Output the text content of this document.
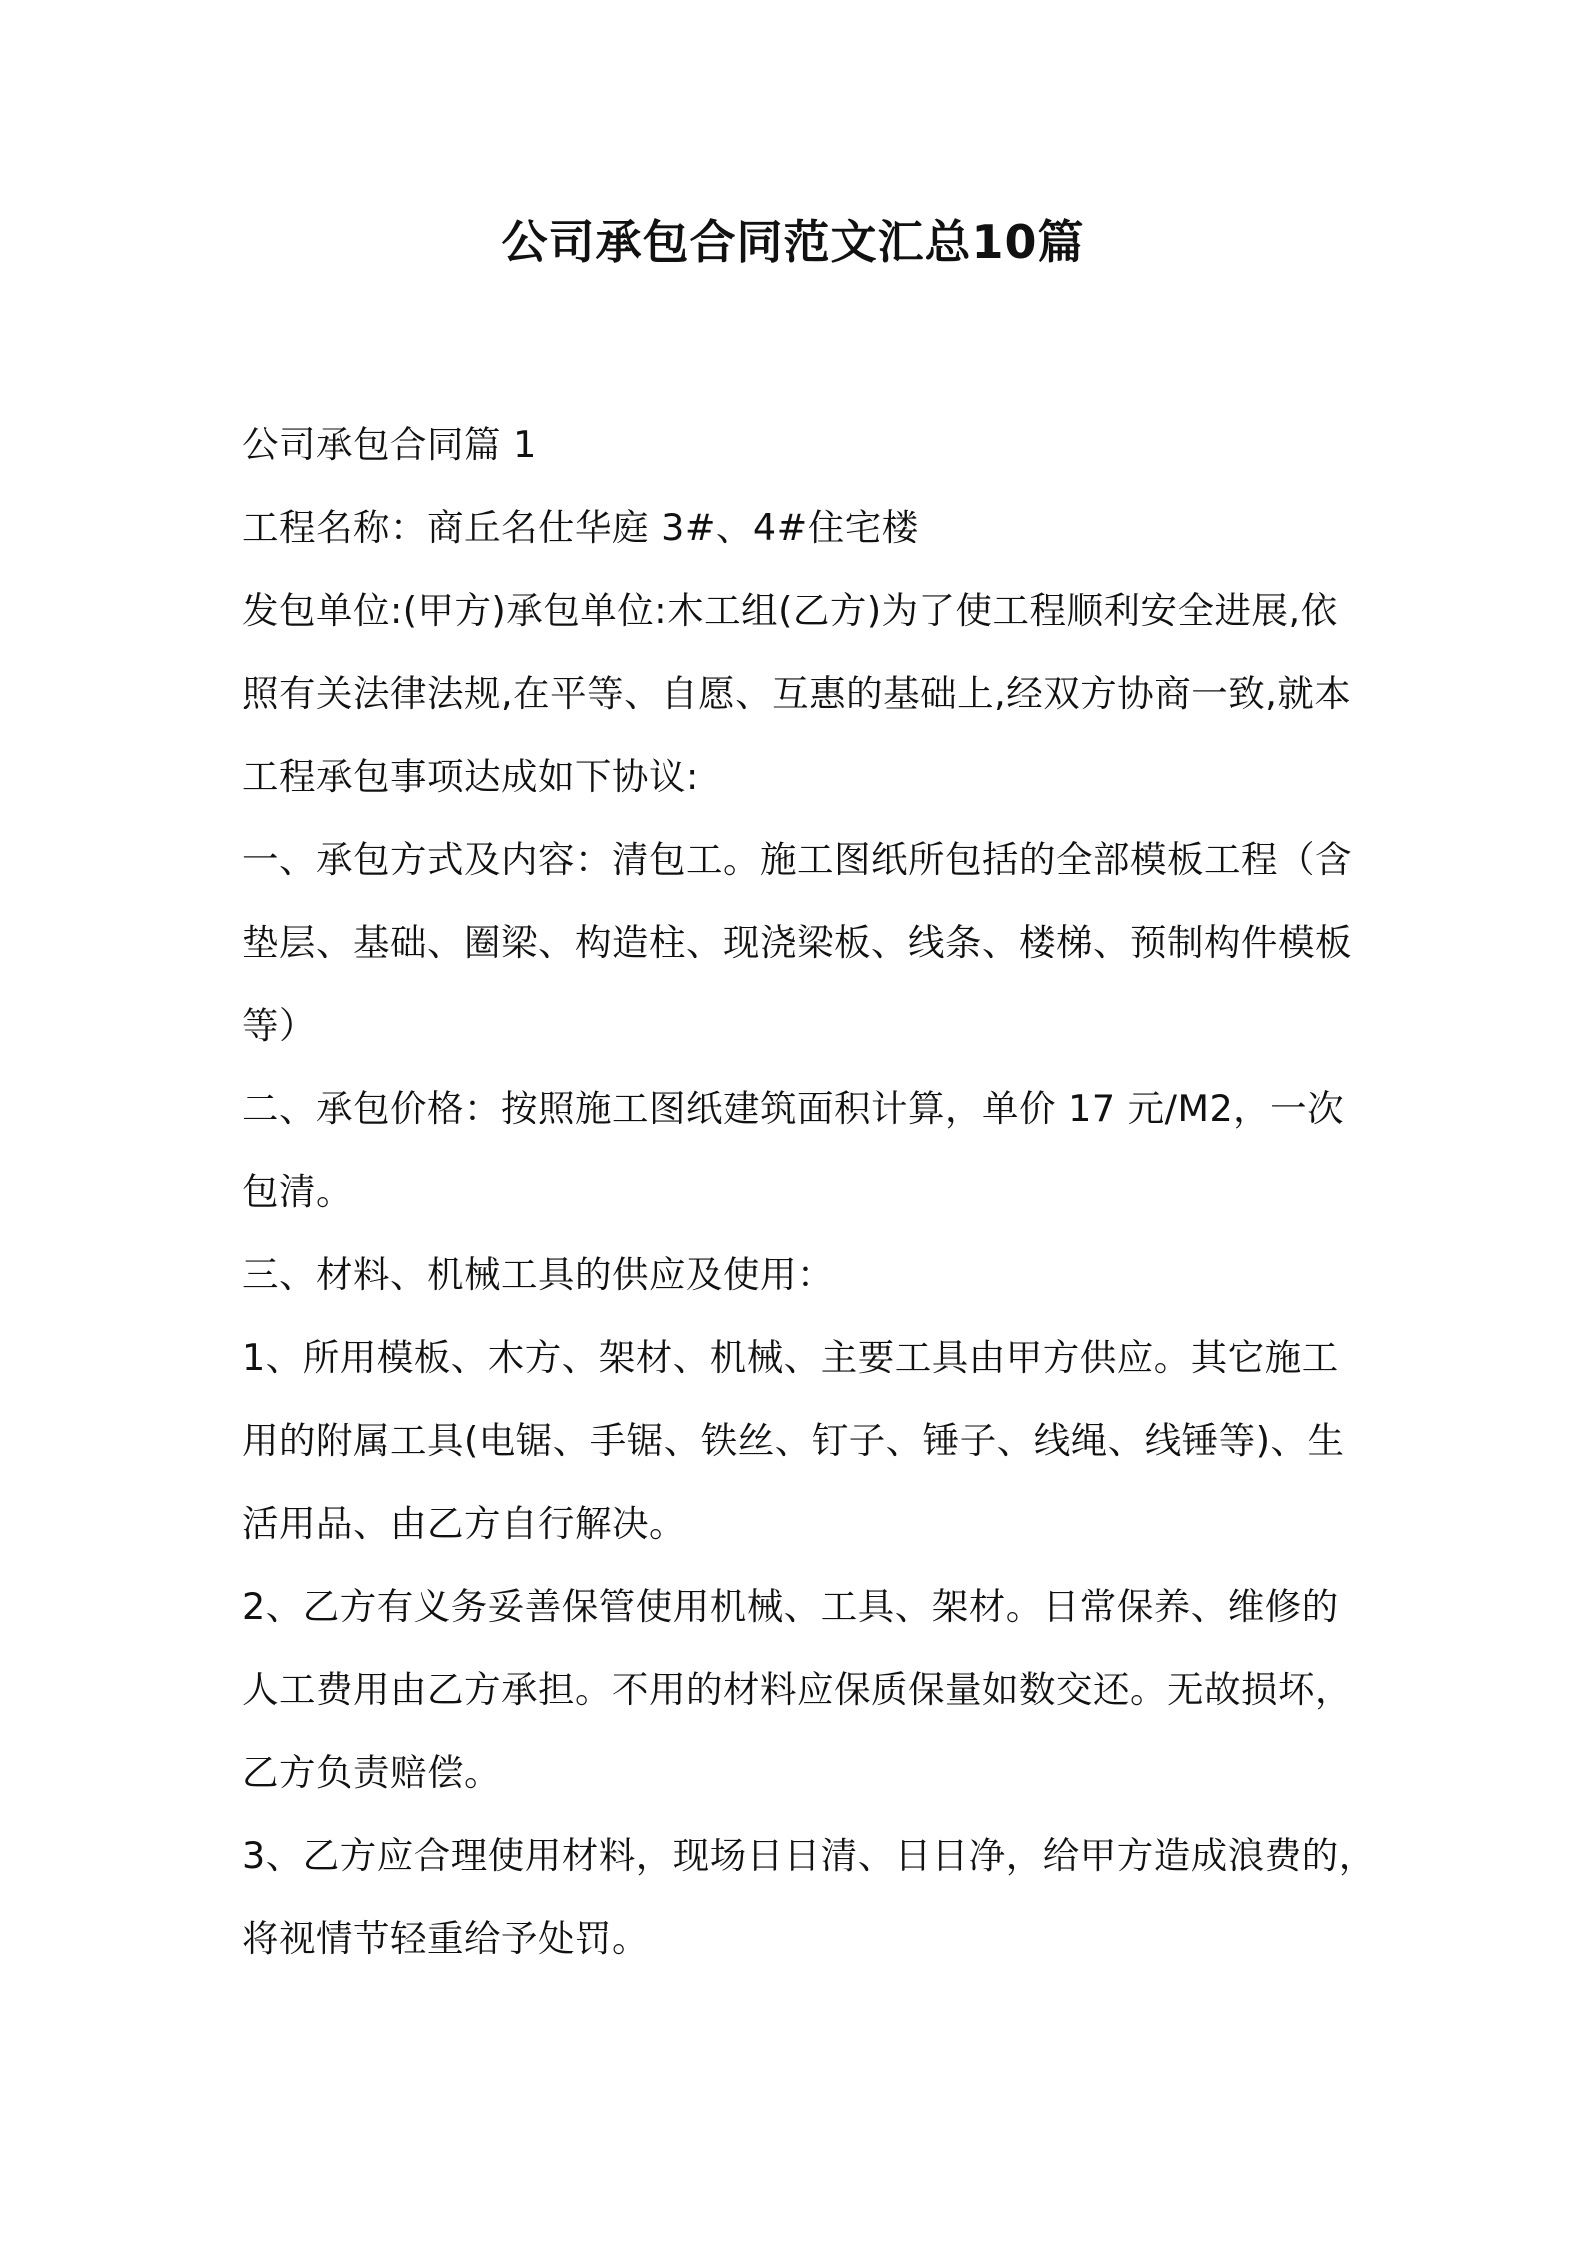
公司承包合同范文汇总10篇
公司承包合同篇 1
工程名称：商丘名仕华庭 3#、4#住宅楼
发包单位:(甲方)承包单位:木工组(乙方)为了使工程顺利安全进展,依
照有关法律法规,在平等、自愿、互惠的基础上,经双方协商一致,就本
工程承包事项达成如下协议:
一、承包方式及内容：清包工。施工图纸所包括的全部模板工程（含
垫层、基础、圈梁、构造柱、现浇梁板、线条、楼梯、预制构件模板
等）
二、承包价格：按照施工图纸建筑面积计算，单价 17 元/M2，一次
包清。
三、材料、机械工具的供应及使用：
1、所用模板、木方、架材、机械、主要工具由甲方供应。其它施工
用的附属工具(电锯、手锯、铁丝、钉子、锤子、线绳、线锤等)、生
活用品、由乙方自行解决。
2、乙方有义务妥善保管使用机械、工具、架材。日常保养、维修的
人工费用由乙方承担。不用的材料应保质保量如数交还。无故损坏，
乙方负责赔偿。
3、乙方应合理使用材料，现场日日清、日日净，给甲方造成浪费的，
将视情节轻重给予处罚。
